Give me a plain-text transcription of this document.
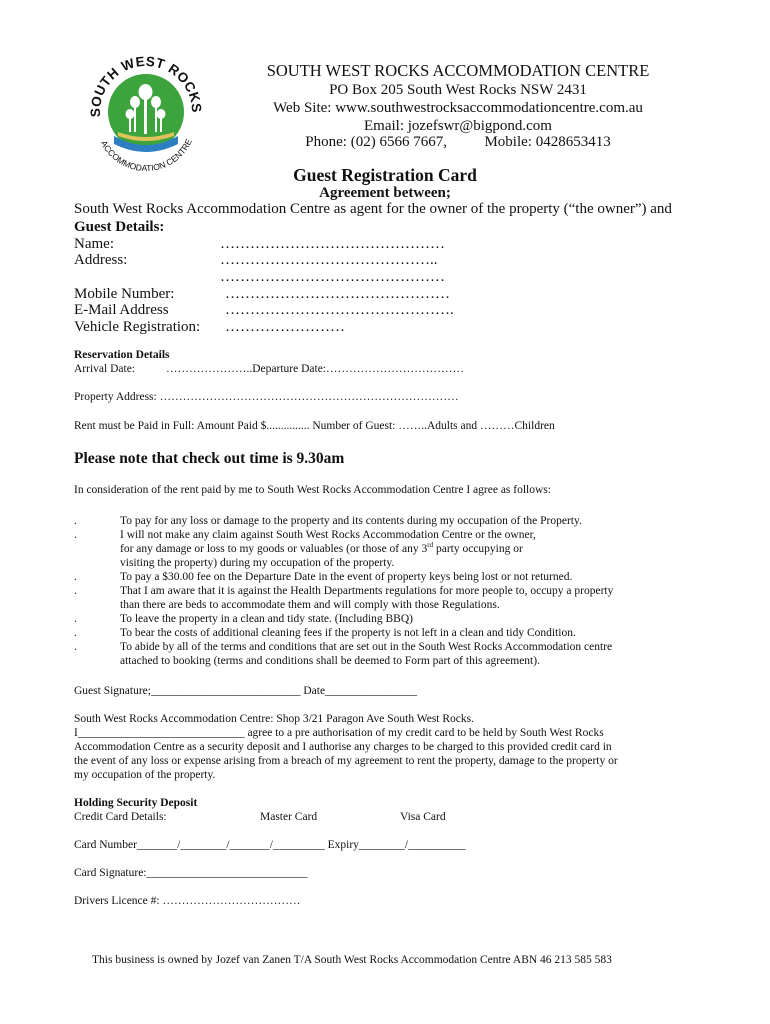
SOUTH WEST ROCKS
ACCOMMODATION CENTRE
SOUTH WEST ROCKS ACCOMMODATION CENTRE
PO Box 205 South West Rocks NSW 2431
Web Site: www.southwestrocksaccommodationcentre.com.au
Email: jozefswr@bigpond.com
Phone: (02) 6566 7667,	Mobile: 0428653413
Guest Registration Card
Agreement between;
South West Rocks Accommodation Centre as agent for the owner of the property (“the owner”) and
Guest Details:
Name:	………………………………………
Address:	……………………………………..
………………………………………
Mobile Number:	………………………………………
E-Mail Address	……………………………………….
Vehicle Registration: ……………………
Reservation Details
Arrival Date:	…………………..Departure Date:………………………………
Property Address: ……………………………………………………………………
Rent must be Paid in Full: Amount Paid $............... Number of Guest: ……..Adults and ………Children
Please note that check out time is 9.30am
In consideration of the rent paid by me to South West Rocks Accommodation Centre I agree as follows:
.	To pay for any loss or damage to the property and its contents during my occupation of the Property.
.	I will not make any claim against South West Rocks Accommodation Centre or the owner,
for any damage or loss to my goods or valuables (or those of any 3rd party occupying or
visiting the property) during my occupation of the property.
.	To pay a $30.00 fee on the Departure Date in the event of property keys being lost or not returned.
.	That I am aware that it is against the Health Departments regulations for more people to, occupy a property
than there are beds to accommodate them and will comply with those Regulations.
.	To leave the property in a clean and tidy state. (Including BBQ)
.	To bear the costs of additional cleaning fees if the property is not left in a clean and tidy Condition.
.	To abide by all of the terms and conditions that are set out in the South West Rocks Accommodation centre
attached to booking (terms and conditions shall be deemed to Form part of this agreement).
Guest Signature;__________________________ Date________________
South West Rocks Accommodation Centre: Shop 3/21 Paragon Ave South West Rocks.
I_____________________________ agree to a pre authorisation of my credit card to be held by South West Rocks
Accommodation Centre as a security deposit and I authorise any charges to be charged to this provided credit card in
the event of any loss or expense arising from a breach of my agreement to rent the property, damage to the property or
my occupation of the property.
Holding Security Deposit
Credit Card Details:	Master Card	Visa Card
Card Number_______/________/_______/_________ Expiry________/__________
Card Signature:____________________________
Drivers Licence #: ………………………………
This business is owned by Jozef van Zanen T/A South West Rocks Accommodation Centre ABN 46 213 585 583
